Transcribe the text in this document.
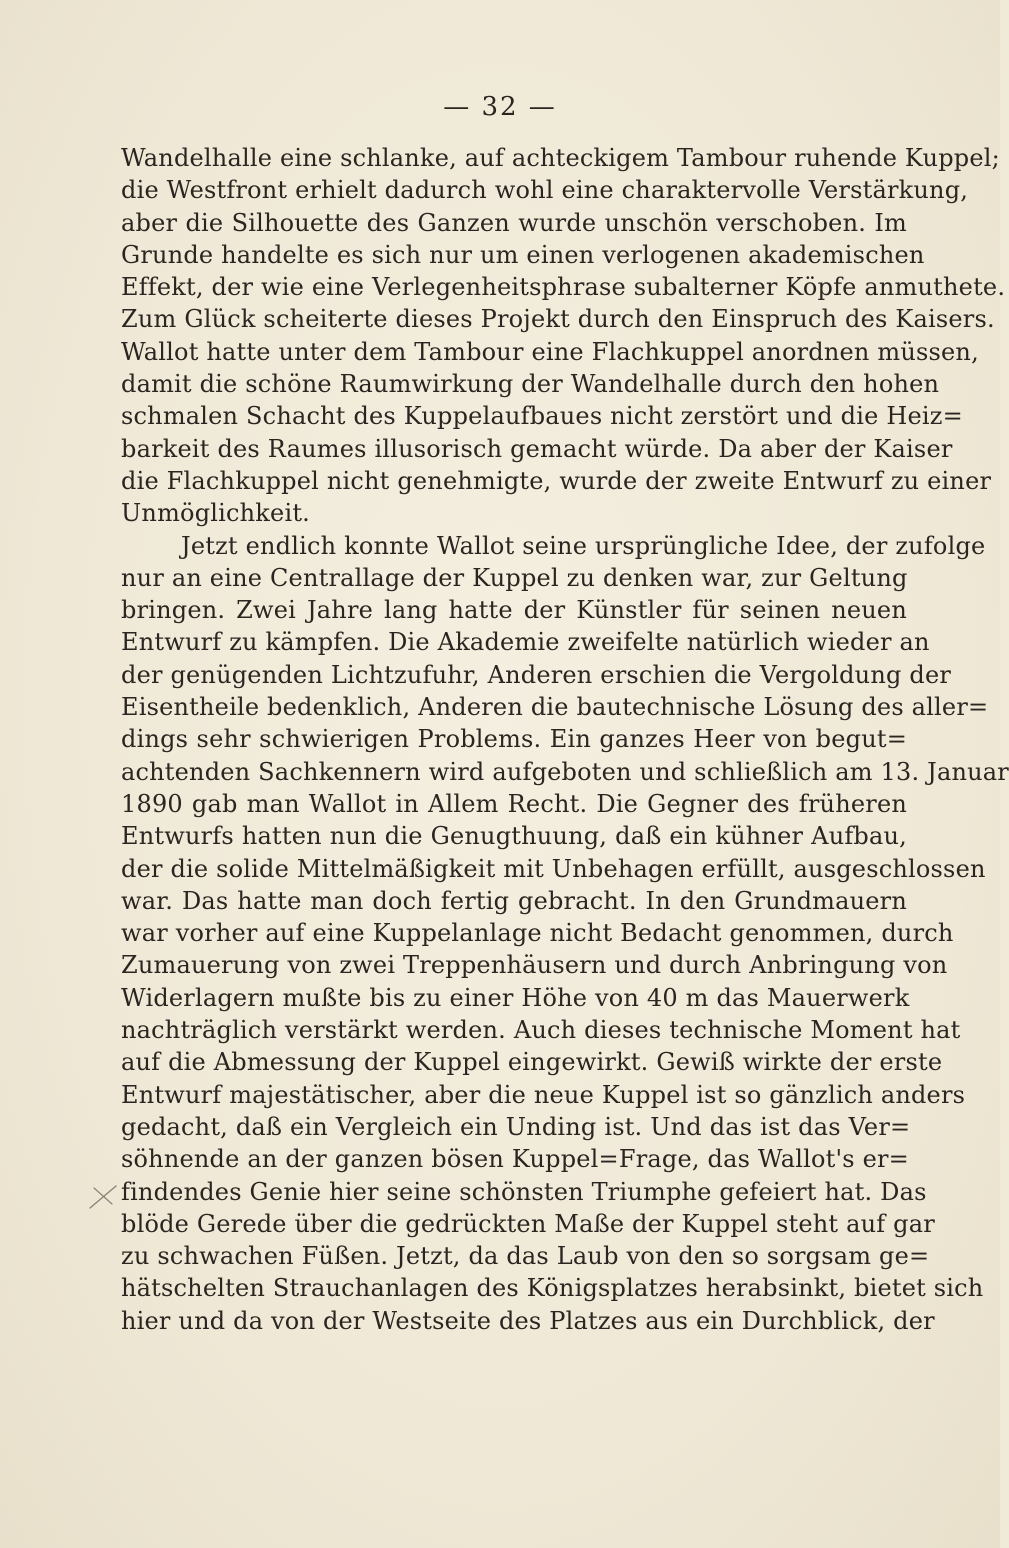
— 32 —
Wandelhalle eine schlanke, auf achteckigem Tambour ruhende Kuppel;
die Westfront erhielt dadurch wohl eine charaktervolle Verstärkung,
aber die Silhouette des Ganzen wurde unschön verschoben. Im
Grunde handelte es sich nur um einen verlogenen akademischen
Effekt, der wie eine Verlegenheitsphrase subalterner Köpfe anmuthete.
Zum Glück scheiterte dieses Projekt durch den Einspruch des Kaisers.
Wallot hatte unter dem Tambour eine Flachkuppel anordnen müssen,
damit die schöne Raumwirkung der Wandelhalle durch den hohen
schmalen Schacht des Kuppelaufbaues nicht zerstört und die Heiz=
barkeit des Raumes illusorisch gemacht würde. Da aber der Kaiser
die Flachkuppel nicht genehmigte, wurde der zweite Entwurf zu einer
Unmöglichkeit.
Jetzt endlich konnte Wallot seine ursprüngliche Idee, der zufolge
nur an eine Centrallage der Kuppel zu denken war, zur Geltung
bringen. Zwei Jahre lang hatte der Künstler für seinen neuen
Entwurf zu kämpfen. Die Akademie zweifelte natürlich wieder an
der genügenden Lichtzufuhr, Anderen erschien die Vergoldung der
Eisentheile bedenklich, Anderen die bautechnische Lösung des aller=
dings sehr schwierigen Problems. Ein ganzes Heer von begut=
achtenden Sachkennern wird aufgeboten und schließlich am 13. Januar
1890 gab man Wallot in Allem Recht. Die Gegner des früheren
Entwurfs hatten nun die Genugthuung, daß ein kühner Aufbau,
der die solide Mittelmäßigkeit mit Unbehagen erfüllt, ausgeschlossen
war. Das hatte man doch fertig gebracht. In den Grundmauern
war vorher auf eine Kuppelanlage nicht Bedacht genommen, durch
Zumauerung von zwei Treppenhäusern und durch Anbringung von
Widerlagern mußte bis zu einer Höhe von 40 m das Mauerwerk
nachträglich verstärkt werden. Auch dieses technische Moment hat
auf die Abmessung der Kuppel eingewirkt. Gewiß wirkte der erste
Entwurf majestätischer, aber die neue Kuppel ist so gänzlich anders
gedacht, daß ein Vergleich ein Unding ist. Und das ist das Ver=
söhnende an der ganzen bösen Kuppel=Frage, das Wallot's er=
findendes Genie hier seine schönsten Triumphe gefeiert hat. Das
blöde Gerede über die gedrückten Maße der Kuppel steht auf gar
zu schwachen Füßen. Jetzt, da das Laub von den so sorgsam ge=
hätschelten Strauchanlagen des Königsplatzes herabsinkt, bietet sich
hier und da von der Westseite des Platzes aus ein Durchblick, der
